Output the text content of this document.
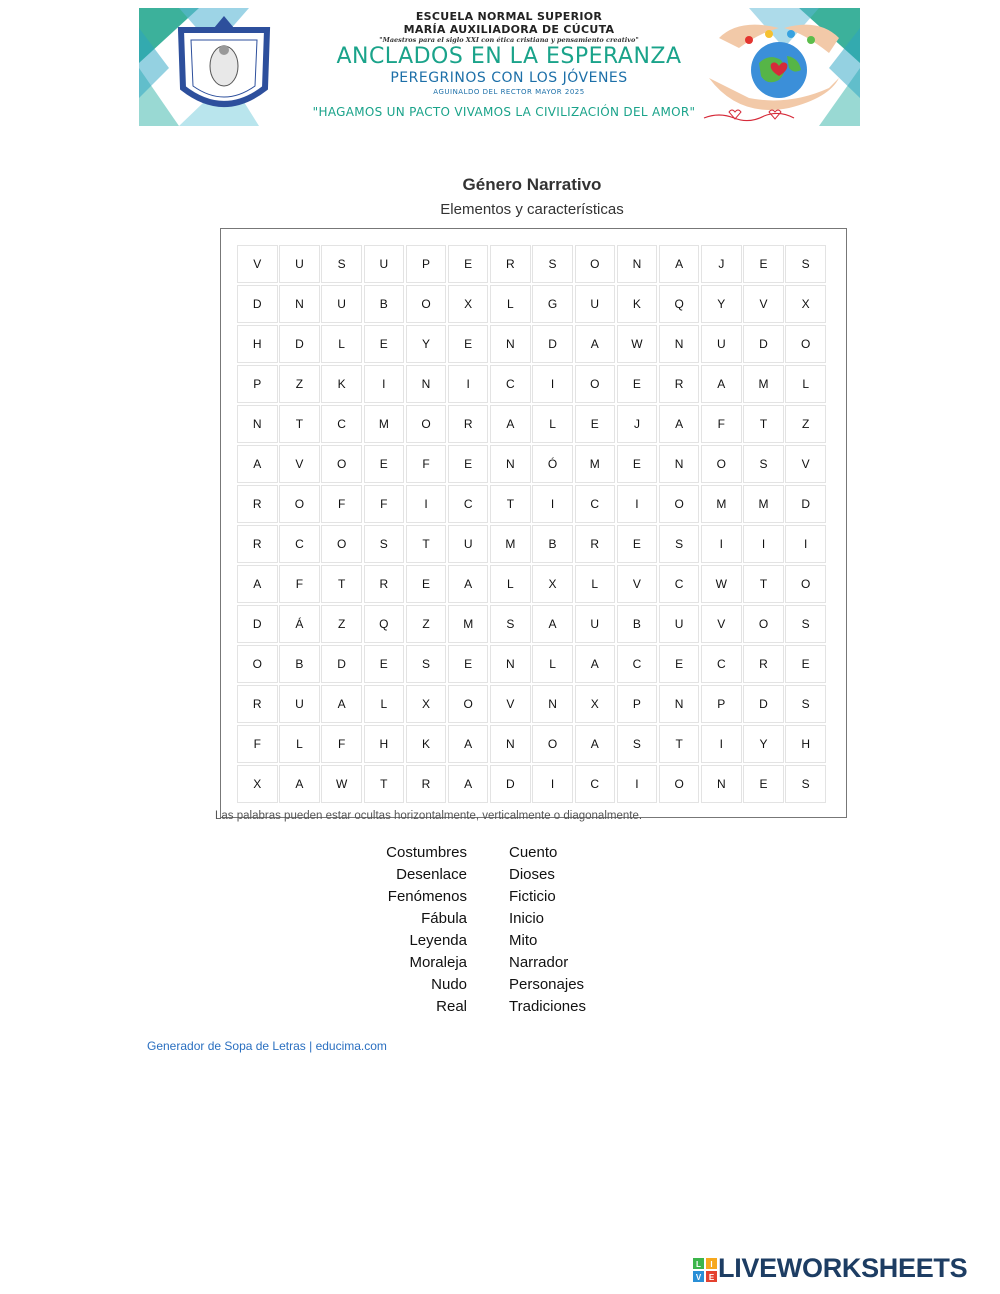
ESCUELA NORMAL SUPERIOR
MARÍA AUXILIADORA DE CÚCUTA
"Maestros para el siglo XXI con ética cristiana y pensamiento creativo"
ANCLADOS EN LA ESPERANZA
PEREGRINOS CON LOS JÓVENES
AGUINALDO DEL RECTOR MAYOR 2025
"HAGAMOS UN PACTO VIVAMOS LA CIVILIZACIÓN DEL AMOR"
Género Narrativo
Elementos y características
V	U	S	U	P	E	R	S	O	N	A	J	E	S
D	N	U	B	O	X	L	G	U	K	Q	Y	V	X
H	D	L	E	Y	E	N	D	A	W	N	U	D	O
P	Z	K	I	N	I	C	I	O	E	R	A	M	L
N	T	C	M	O	R	A	L	E	J	A	F	T	Z
A	V	O	E	F	E	N	Ó	M	E	N	O	S	V
R	O	F	F	I	C	T	I	C	I	O	M	M	D
R	C	O	S	T	U	M	B	R	E	S	I	I	I
A	F	T	R	E	A	L	X	L	V	C	W	T	O
D	Á	Z	Q	Z	M	S	A	U	B	U	V	O	S
O	B	D	E	S	E	N	L	A	C	E	C	R	E
R	U	A	L	X	O	V	N	X	P	N	P	D	S
F	L	F	H	K	A	N	O	A	S	T	I	Y	H
X	A	W	T	R	A	D	I	C	I	O	N	E	S
Las palabras pueden estar ocultas horizontalmente, verticalmente o diagonalmente.
Costumbres
Desenlace
Fenómenos
Fábula
Leyenda
Moraleja
Nudo
Real
Cuento
Dioses
Ficticio
Inicio
Mito
Narrador
Personajes
Tradiciones
Generador de Sopa de Letras | educima.com
L I
V E LIVEWORKSHEETS
